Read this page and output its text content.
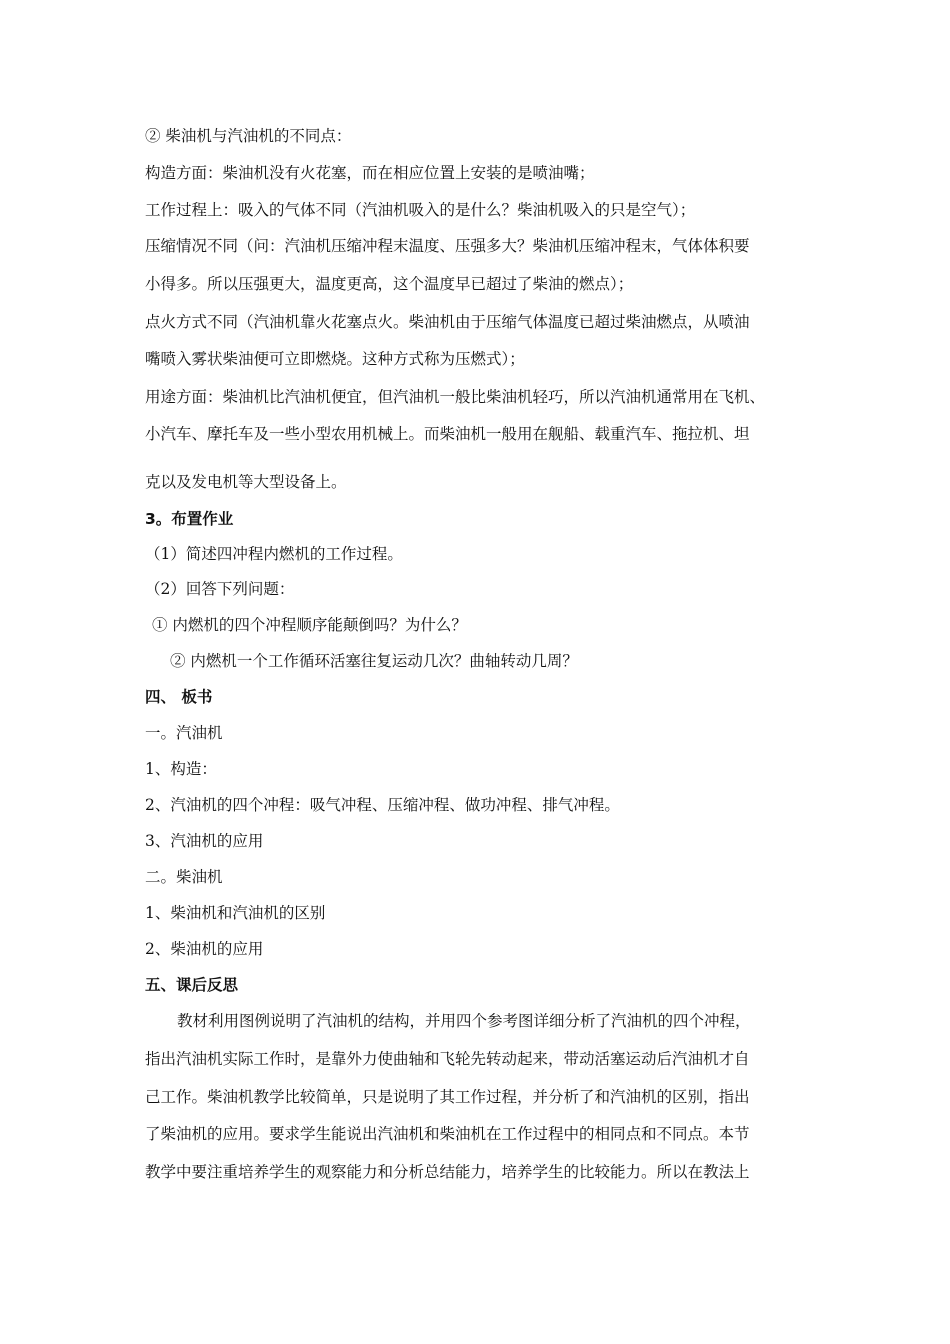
② 柴油机与汽油机的不同点：
构造方面：柴油机没有火花塞，而在相应位置上安装的是喷油嘴；
工作过程上：吸入的气体不同（汽油机吸入的是什么？柴油机吸入的只是空气）；
压缩情况不同（问：汽油机压缩冲程末温度、压强多大？柴油机压缩冲程末，气体体积要
小得多。所以压强更大，温度更高，这个温度早已超过了柴油的燃点）；
点火方式不同（汽油机靠火花塞点火。柴油机由于压缩气体温度已超过柴油燃点，从喷油
嘴喷入雾状柴油便可立即燃烧。这种方式称为压燃式）；
用途方面：柴油机比汽油机便宜，但汽油机一般比柴油机轻巧，所以汽油机通常用在飞机、
小汽车、摩托车及一些小型农用机械上。而柴油机一般用在舰船、载重汽车、拖拉机、坦
克以及发电机等大型设备上。
3。布置作业
（1）简述四冲程内燃机的工作过程。
（2）回答下列问题：
① 内燃机的四个冲程顺序能颠倒吗？为什么？
② 内燃机一个工作循环活塞往复运动几次？曲轴转动几周？
四、 板书
一。汽油机
1、构造：
2、汽油机的四个冲程：吸气冲程、压缩冲程、做功冲程、排气冲程。
3、汽油机的应用
二。柴油机
1、柴油机和汽油机的区别
2、柴油机的应用
五、课后反思
教材利用图例说明了汽油机的结构，并用四个参考图详细分析了汽油机的四个冲程，
指出汽油机实际工作时，是靠外力使曲轴和飞轮先转动起来，带动活塞运动后汽油机才自
己工作。柴油机教学比较简单，只是说明了其工作过程，并分析了和汽油机的区别，指出
了柴油机的应用。要求学生能说出汽油机和柴油机在工作过程中的相同点和不同点。本节
教学中要注重培养学生的观察能力和分析总结能力，培养学生的比较能力。所以在教法上
